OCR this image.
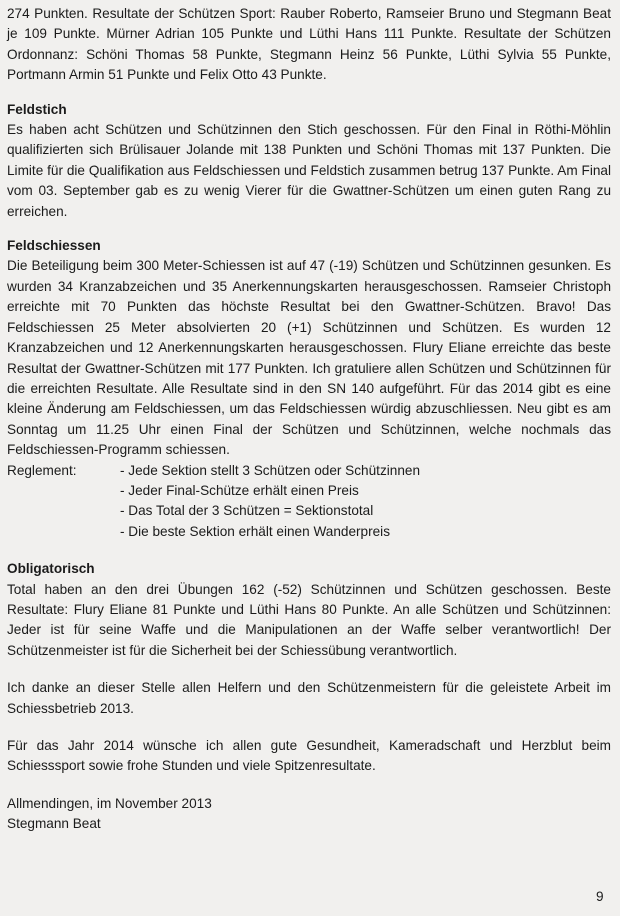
274 Punkten. Resultate der Schützen Sport: Rauber Roberto, Ramseier Bruno und Stegmann Beat je 109 Punkte. Mürner Adrian 105 Punkte und Lüthi Hans 111 Punkte. Resultate der Schützen Ordonnanz: Schöni Thomas 58 Punkte, Stegmann Heinz 56 Punkte, Lüthi Sylvia 55 Punkte, Portmann Armin 51 Punkte und Felix Otto 43 Punkte.

Feldstich

Es haben acht Schützen und Schützinnen den Stich geschossen. Für den Final in Röthi-Möhlin qualifizierten sich Brülisauer Jolande mit 138 Punkten und Schöni Thomas mit 137 Punkten. Die Limite für die Qualifikation aus Feldschiessen und Feldstich zusammen betrug 137 Punkte. Am Final vom 03. September gab es zu wenig Vierer für die Gwattner-Schützen um einen guten Rang zu erreichen.

Feldschiessen

Die Beteiligung beim 300 Meter-Schiessen ist auf 47 (-19) Schützen und Schützinnen gesunken. Es wurden 34 Kranzabzeichen und 35 Anerkennungskarten herausgeschossen. Ramseier Christoph erreichte mit 70 Punkten das höchste Resultat bei den Gwattner-Schützen. Bravo! Das Feldschiessen 25 Meter absolvierten 20 (+1) Schützinnen und Schützen. Es wurden 12 Kranzabzeichen und 12 Anerkennungskarten herausgeschossen. Flury Eliane erreichte das beste Resultat der Gwattner-Schützen mit 177 Punkten. Ich gratuliere allen Schützen und Schützinnen für die erreichten Resultate. Alle Resultate sind in den SN 140 aufgeführt. Für das 2014 gibt es eine kleine Änderung am Feldschiessen, um das Feldschiessen würdig abzuschliessen. Neu gibt es am Sonntag um 11.25 Uhr einen Final der Schützen und Schützinnen, welche nochmals das Feldschiessen-Programm schiessen.

Reglement:	- Jede Sektion stellt 3 Schützen oder Schützinnen
- Jeder Final-Schütze erhält einen Preis
- Das Total der 3 Schützen = Sektionstotal
- Die beste Sektion erhält einen Wanderpreis
Obligatorisch

Total haben an den drei Übungen 162 (-52) Schützinnen und Schützen geschossen. Beste Resultate: Flury Eliane 81 Punkte und Lüthi Hans 80 Punkte. An alle Schützen und Schützinnen: Jeder ist für seine Waffe und die Manipulationen an der Waffe selber verantwortlich! Der Schützenmeister ist für die Sicherheit bei der Schiessübung verantwortlich.

Ich danke an dieser Stelle allen Helfern und den Schützenmeistern für die geleistete Arbeit im Schiessbetrieb 2013.

Für das Jahr 2014 wünsche ich allen gute Gesundheit, Kameradschaft und Herzblut beim Schiesssport sowie frohe Stunden und viele Spitzenresultate.

Allmendingen, im November 2013

Stegmann Beat

9
